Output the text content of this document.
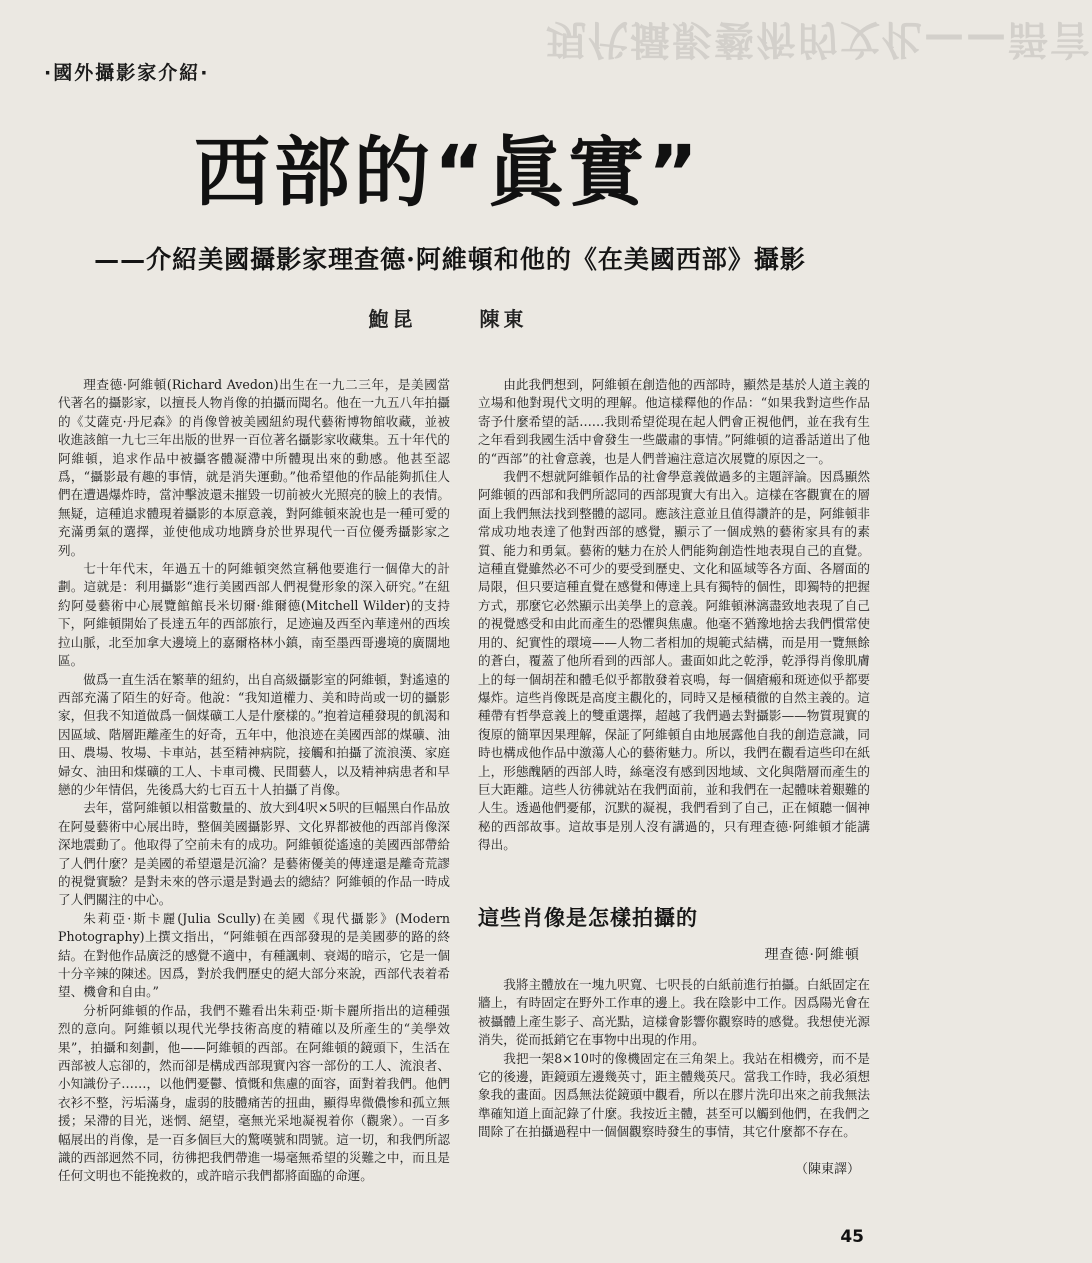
現代攝影藝術的文化——語言
·國外攝影家介紹·
西部的“眞實”
——介紹美國攝影家理查德·阿維頓和他的《在美國西部》攝影
鮑昆	陳東

理查德·阿維頓(Richard Avedon)出生在一九二三年，是美國當代著名的攝影家，以擅長人物肖像的拍攝而聞名。他在一九五八年拍攝的《艾薩克·丹尼森》的肖像曾被美國紐約現代藝術博物館收藏，並被收進該館一九七三年出版的世界一百位著名攝影家收藏集。五十年代的阿維頓，追求作品中被攝客體凝滯中所體現出來的動感。他甚至認爲，“攝影最有趣的事情，就是消失運動。”他希望他的作品能夠抓住人們在遭遇爆炸時，當沖擊波還未摧毀一切前被火光照亮的臉上的表情。無疑，這種追求體現着攝影的本原意義，對阿維頓來說也是一種可愛的充滿勇氣的選擇，並使他成功地躋身於世界現代一百位優秀攝影家之列。

七十年代末，年過五十的阿維頓突然宣稱他要進行一個偉大的計劃。這就是：利用攝影“進行美國西部人們視覺形象的深入研究。”在紐約阿曼藝術中心展覽館館長米切爾·維爾德(Mitchell Wilder)的支持下，阿維頓開始了長達五年的西部旅行，足迹遍及西至內華達州的西埃拉山脈，北至加拿大邊境上的嘉爾格林小鎮，南至墨西哥邊境的廣闊地區。

做爲一直生活在繁華的紐約，出自高級攝影室的阿維頓，對遙遠的西部充滿了陌生的好奇。他說：“我知道權力、美和時尚或一切的攝影家，但我不知道做爲一個煤礦工人是什麼樣的。”抱着這種發現的飢渴和因區域、階層距離產生的好奇，五年中，他浪迹在美國西部的煤礦、油田、農場、牧場、卡車站，甚至精神病院，接觸和拍攝了流浪漢、家庭婦女、油田和煤礦的工人、卡車司機、民間藝人，以及精神病患者和早戀的少年情侶，先後爲大約七百五十人拍攝了肖像。

去年，當阿維頓以相當數量的、放大到4呎×5呎的巨幅黑白作品放在阿曼藝術中心展出時，整個美國攝影界、文化界都被他的西部肖像深深地震動了。他取得了空前未有的成功。阿維頓從遙遠的美國西部帶給了人們什麼？是美國的希望還是沉淪？是藝術優美的傳達還是離奇荒謬的視覺實驗？是對未來的啓示還是對過去的總結？阿維頓的作品一時成了人們關注的中心。

朱莉亞·斯卡麗(Julia Scully)在美國《現代攝影》(Modern Photography)上撰文指出，“阿維頓在西部發現的是美國夢的路的終結。在對他作品廣泛的感覺不適中，有種諷刺、衰竭的暗示，它是一個十分辛辣的陳述。因爲，對於我們歷史的絕大部分來說，西部代表着希望、機會和自由。”

分析阿維頓的作品，我們不難看出朱莉亞·斯卡麗所指出的這種强烈的意向。阿維頓以現代光學技術高度的精確以及所產生的“美學效果”，拍攝和刻劃，他——阿維頓的西部。在阿維頓的鏡頭下，生活在西部被人忘卻的，然而卻是構成西部現實內容一部份的工人、流浪者、小知識份子……，以他們憂鬱、憤慨和焦慮的面容，面對着我們。他們衣衫不整，污垢滿身，虛弱的肢體痛苦的扭曲，顯得卑微儂惨和孤立無援；呆滯的目光，迷惘、絕望，毫無光采地凝視着你（觀衆）。一百多幅展出的肖像，是一百多個巨大的驚嘆號和問號。這一切，和我們所認識的西部迥然不同，彷彿把我們帶進一場毫無希望的災難之中，而且是任何文明也不能挽救的，或許暗示我們都將面臨的命運。

由此我們想到，阿維頓在創造他的西部時，顯然是基於人道主義的立場和他對現代文明的理解。他這樣釋他的作品：“如果我對這些作品寄予什麼希望的話……我則希望從現在起人們會正視他們，並在我有生之年看到我國生活中會發生一些嚴肅的事情。”阿維頓的這番話道出了他的“西部”的社會意義，也是人們普遍注意這次展覽的原因之一。

我們不想就阿維頓作品的社會學意義做過多的主題評論。因爲顯然阿維頓的西部和我們所認同的西部現實大有出入。這樣在客觀實在的層面上我們無法找到整體的認同。應該注意並且值得讚許的是，阿維頓非常成功地表達了他對西部的感覺，顯示了一個成熟的藝術家具有的素質、能力和勇氣。藝術的魅力在於人們能夠創造性地表現自己的直覺。這種直覺雖然必不可少的要受到歷史、文化和區域等各方面、各層面的局限，但只要這種直覺在感覺和傳達上具有獨特的個性，即獨特的把握方式，那麼它必然顯示出美學上的意義。阿維頓淋漓盡致地表現了自己的視覺感受和由此而產生的恐懼與焦慮。他毫不猶豫地捨去我們慣常使用的、紀實性的環境——人物二者相加的規範式結構，而是用一覽無餘的蒼白，覆蓋了他所看到的西部人。畫面如此之乾淨，乾淨得肖像肌膚上的每一個胡茬和體毛似乎都散發着哀鳴，每一個瘡瘢和斑迹似乎都要爆炸。這些肖像既是高度主觀化的，同時又是極積徹的自然主義的。這種帶有哲學意義上的雙重選擇，超越了我們過去對攝影——物質現實的復原的簡單因果理解，保証了阿維頓自由地展露他自我的創造意識，同時也構成他作品中激蕩人心的藝術魅力。所以，我們在觀看這些印在紙上，形態醜陋的西部人時，絲毫沒有感到因地域、文化與階層而產生的巨大距離。這些人彷彿就站在我們面前，並和我們在一起體味着艱難的人生。透過他們憂郁，沉默的凝視，我們看到了自己，正在傾聽一個神秘的西部故事。這故事是別人沒有講過的，只有理查德·阿維頓才能講得出。

這些肖像是怎樣拍攝的
理查德·阿維頓

我將主體放在一塊九呎寬、七呎長的白紙前進行拍攝。白紙固定在牆上，有時固定在野外工作車的邊上。我在陰影中工作。因爲陽光會在被攝體上產生影子、高光點，這樣會影響你觀察時的感覺。我想使光源消失，從而抵銷它在事物中出現的作用。

我把一架8×10吋的像機固定在三角架上。我站在相機旁，而不是它的後邊，距鏡頭左邊幾英寸，距主體幾英尺。當我工作時，我必須想象我的畫面。因爲無法從鏡頭中觀看，所以在膠片洗印出來之前我無法準確知道上面記錄了什麼。我按近主體，甚至可以觸到他們，在我們之間除了在拍攝過程中一個個觀察時發生的事情，其它什麼都不存在。

（陳東譯）
45
